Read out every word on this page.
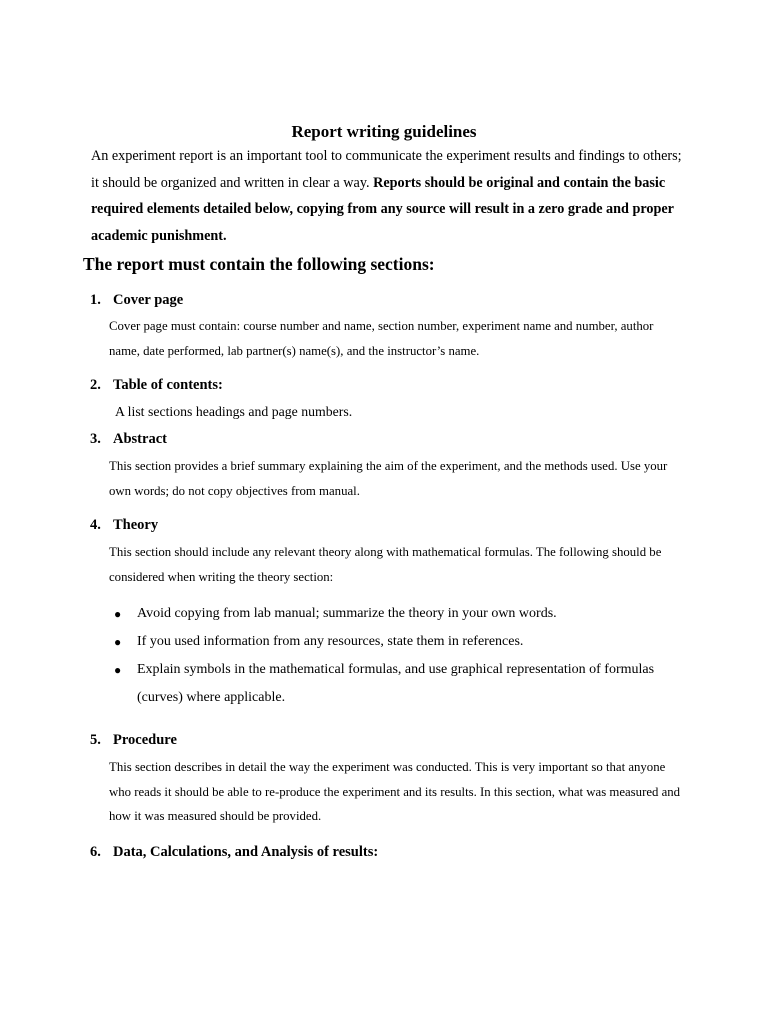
Report writing guidelines
An experiment report is an important tool to communicate the experiment results and findings to others; it should be organized and written in clear a way. Reports should be original and contain the basic required elements detailed below, copying from any source will result in a zero grade and proper academic punishment.
The report must contain the following sections:
1. Cover page
Cover page must contain: course number and name, section number, experiment name and number, author name, date performed, lab partner(s) name(s), and the instructor’s name.
2. Table of contents:
A list sections headings and page numbers.
3. Abstract
This section provides a brief summary explaining the aim of the experiment, and the methods used. Use your own words; do not copy objectives from manual.
4. Theory
This section should include any relevant theory along with mathematical formulas. The following should be considered when writing the theory section:
● Avoid copying from lab manual; summarize the theory in your own words.
● If you used information from any resources, state them in references.
● Explain symbols in the mathematical formulas, and use graphical representation of formulas (curves) where applicable.
5. Procedure
This section describes in detail the way the experiment was conducted. This is very important so that anyone who reads it should be able to re-produce the experiment and its results. In this section, what was measured and how it was measured should be provided.
6. Data, Calculations, and Analysis of results:
